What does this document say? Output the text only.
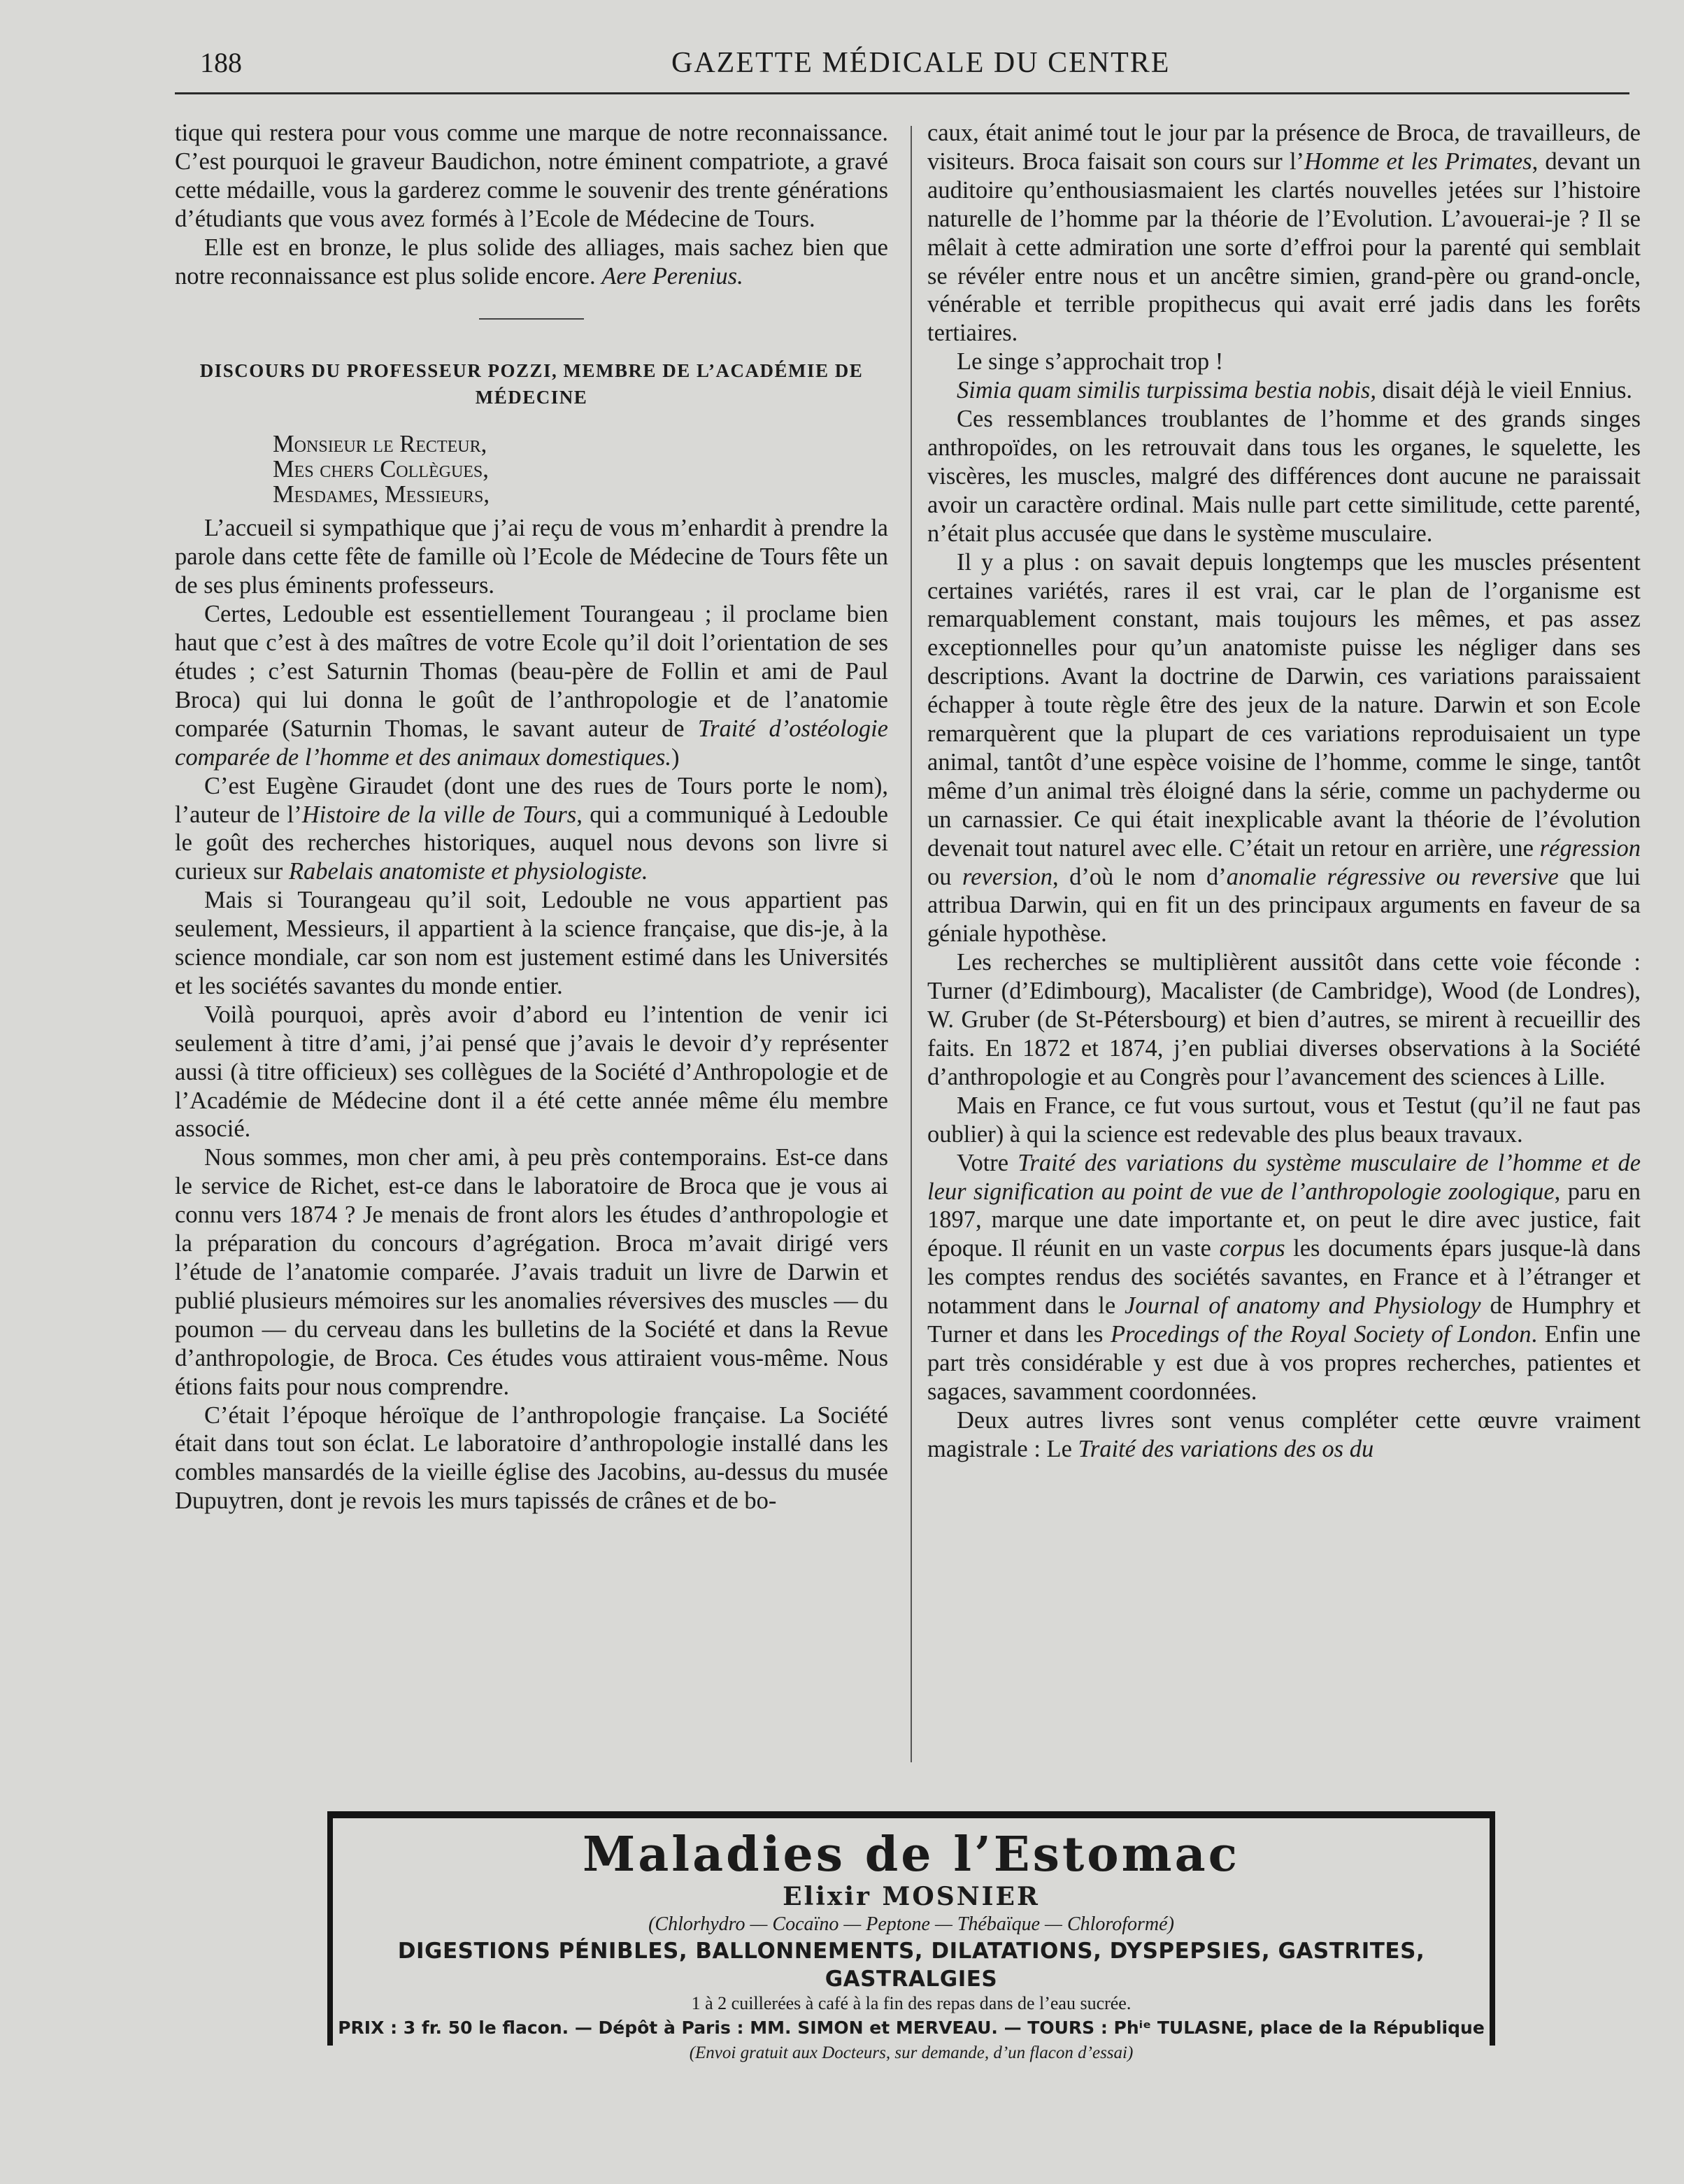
188	GAZETTE MÉDICALE DU CENTRE

tique qui restera pour vous comme une marque de notre reconnaissance. C’est pourquoi le graveur Baudichon, notre éminent compatriote, a gravé cette médaille, vous la garderez comme le souvenir des trente générations d’étudiants que vous avez formés à l’Ecole de Médecine de Tours.

Elle est en bronze, le plus solide des alliages, mais sachez bien que notre reconnaissance est plus solide encore. Aere Perenius.

DISCOURS DU PROFESSEUR POZZI, MEMBRE DE L’ACADÉMIE DE MÉDECINE

Monsieur le Recteur,

Mes chers Collègues,

Mesdames, Messieurs,

L’accueil si sympathique que j’ai reçu de vous m’enhardit à prendre la parole dans cette fête de famille où l’Ecole de Médecine de Tours fête un de ses plus éminents professeurs.

Certes, Ledouble est essentiellement Tourangeau ; il proclame bien haut que c’est à des maîtres de votre Ecole qu’il doit l’orientation de ses études ; c’est Saturnin Thomas (beau-père de Follin et ami de Paul Broca) qui lui donna le goût de l’anthropologie et de l’anatomie comparée (Saturnin Thomas, le savant auteur de Traité d’ostéologie comparée de l’homme et des animaux domestiques.)

C’est Eugène Giraudet (dont une des rues de Tours porte le nom), l’auteur de l’Histoire de la ville de Tours, qui a communiqué à Ledouble le goût des recherches historiques, auquel nous devons son livre si curieux sur Rabelais anatomiste et physiologiste.

Mais si Tourangeau qu’il soit, Ledouble ne vous appartient pas seulement, Messieurs, il appartient à la science française, que dis-je, à la science mondiale, car son nom est justement estimé dans les Universités et les sociétés savantes du monde entier.

Voilà pourquoi, après avoir d’abord eu l’intention de venir ici seulement à titre d’ami, j’ai pensé que j’avais le devoir d’y représenter aussi (à titre officieux) ses collègues de la Société d’Anthropologie et de l’Académie de Médecine dont il a été cette année même élu membre associé.

Nous sommes, mon cher ami, à peu près contemporains. Est-ce dans le service de Richet, est-ce dans le laboratoire de Broca que je vous ai connu vers 1874 ? Je menais de front alors les études d’anthropologie et la préparation du concours d’agrégation. Broca m’avait dirigé vers l’étude de l’anatomie comparée. J’avais traduit un livre de Darwin et publié plusieurs mémoires sur les anomalies réversives des muscles — du poumon — du cerveau dans les bulletins de la Société et dans la Revue d’anthropologie, de Broca. Ces études vous attiraient vous-même. Nous étions faits pour nous comprendre.

C’était l’époque héroïque de l’anthropologie française. La Société était dans tout son éclat. Le laboratoire d’anthropologie installé dans les combles mansardés de la vieille église des Jacobins, au-dessus du musée Dupuytren, dont je revois les murs tapissés de crânes et de bo-

caux, était animé tout le jour par la présence de Broca, de travailleurs, de visiteurs. Broca faisait son cours sur l’Homme et les Primates, devant un auditoire qu’enthousiasmaient les clartés nouvelles jetées sur l’histoire naturelle de l’homme par la théorie de l’Evolution. L’avouerai-je ? Il se mêlait à cette admiration une sorte d’effroi pour la parenté qui semblait se révéler entre nous et un ancêtre simien, grand-père ou grand-oncle, vénérable et terrible propithecus qui avait erré jadis dans les forêts tertiaires.

Le singe s’approchait trop !

Simia quam similis turpissima bestia nobis, disait déjà le vieil Ennius.

Ces ressemblances troublantes de l’homme et des grands singes anthropoïdes, on les retrouvait dans tous les organes, le squelette, les viscères, les muscles, malgré des différences dont aucune ne paraissait avoir un caractère ordinal. Mais nulle part cette similitude, cette parenté, n’était plus accusée que dans le système musculaire.

Il y a plus : on savait depuis longtemps que les muscles présentent certaines variétés, rares il est vrai, car le plan de l’organisme est remarquablement constant, mais toujours les mêmes, et pas assez exceptionnelles pour qu’un anatomiste puisse les négliger dans ses descriptions. Avant la doctrine de Darwin, ces variations paraissaient échapper à toute règle être des jeux de la nature. Darwin et son Ecole remarquèrent que la plupart de ces variations reproduisaient un type animal, tantôt d’une espèce voisine de l’homme, comme le singe, tantôt même d’un animal très éloigné dans la série, comme un pachyderme ou un carnassier. Ce qui était inexplicable avant la théorie de l’évolution devenait tout naturel avec elle. C’était un retour en arrière, une régression ou reversion, d’où le nom d’anomalie régressive ou reversive que lui attribua Darwin, qui en fit un des principaux arguments en faveur de sa géniale hypothèse.

Les recherches se multiplièrent aussitôt dans cette voie féconde : Turner (d’Edimbourg), Macalister (de Cambridge), Wood (de Londres), W. Gruber (de St-Pétersbourg) et bien d’autres, se mirent à recueillir des faits. En 1872 et 1874, j’en publiai diverses observations à la Société d’anthropologie et au Congrès pour l’avancement des sciences à Lille.

Mais en France, ce fut vous surtout, vous et Testut (qu’il ne faut pas oublier) à qui la science est redevable des plus beaux travaux.

Votre Traité des variations du système musculaire de l’homme et de leur signification au point de vue de l’anthropologie zoologique, paru en 1897, marque une date importante et, on peut le dire avec justice, fait époque. Il réunit en un vaste corpus les documents épars jusque-là dans les comptes rendus des sociétés savantes, en France et à l’étranger et notamment dans le Journal of anatomy and Physiology de Humphry et Turner et dans les Procedings of the Royal Society of London. Enfin une part très considérable y est due à vos propres recherches, patientes et sagaces, savamment coordonnées.

Deux autres livres sont venus compléter cette œuvre vraiment magistrale : Le Traité des variations des os du

Maladies de l’Estomac
Elixir MOSNIER
(Chlorhydro — Cocaïno — Peptone — Thébaïque — Chloroformé)
DIGESTIONS PÉNIBLES, BALLONNEMENTS, DILATATIONS, DYSPEPSIES, GASTRITES, GASTRALGIES
1 à 2 cuillerées à café à la fin des repas dans de l’eau sucrée.
PRIX : 3 fr. 50 le flacon. — Dépôt à Paris : MM. SIMON et MERVEAU. — TOURS : Phⁱᵉ TULASNE, place de la République
(Envoi gratuit aux Docteurs, sur demande, d’un flacon d’essai)
